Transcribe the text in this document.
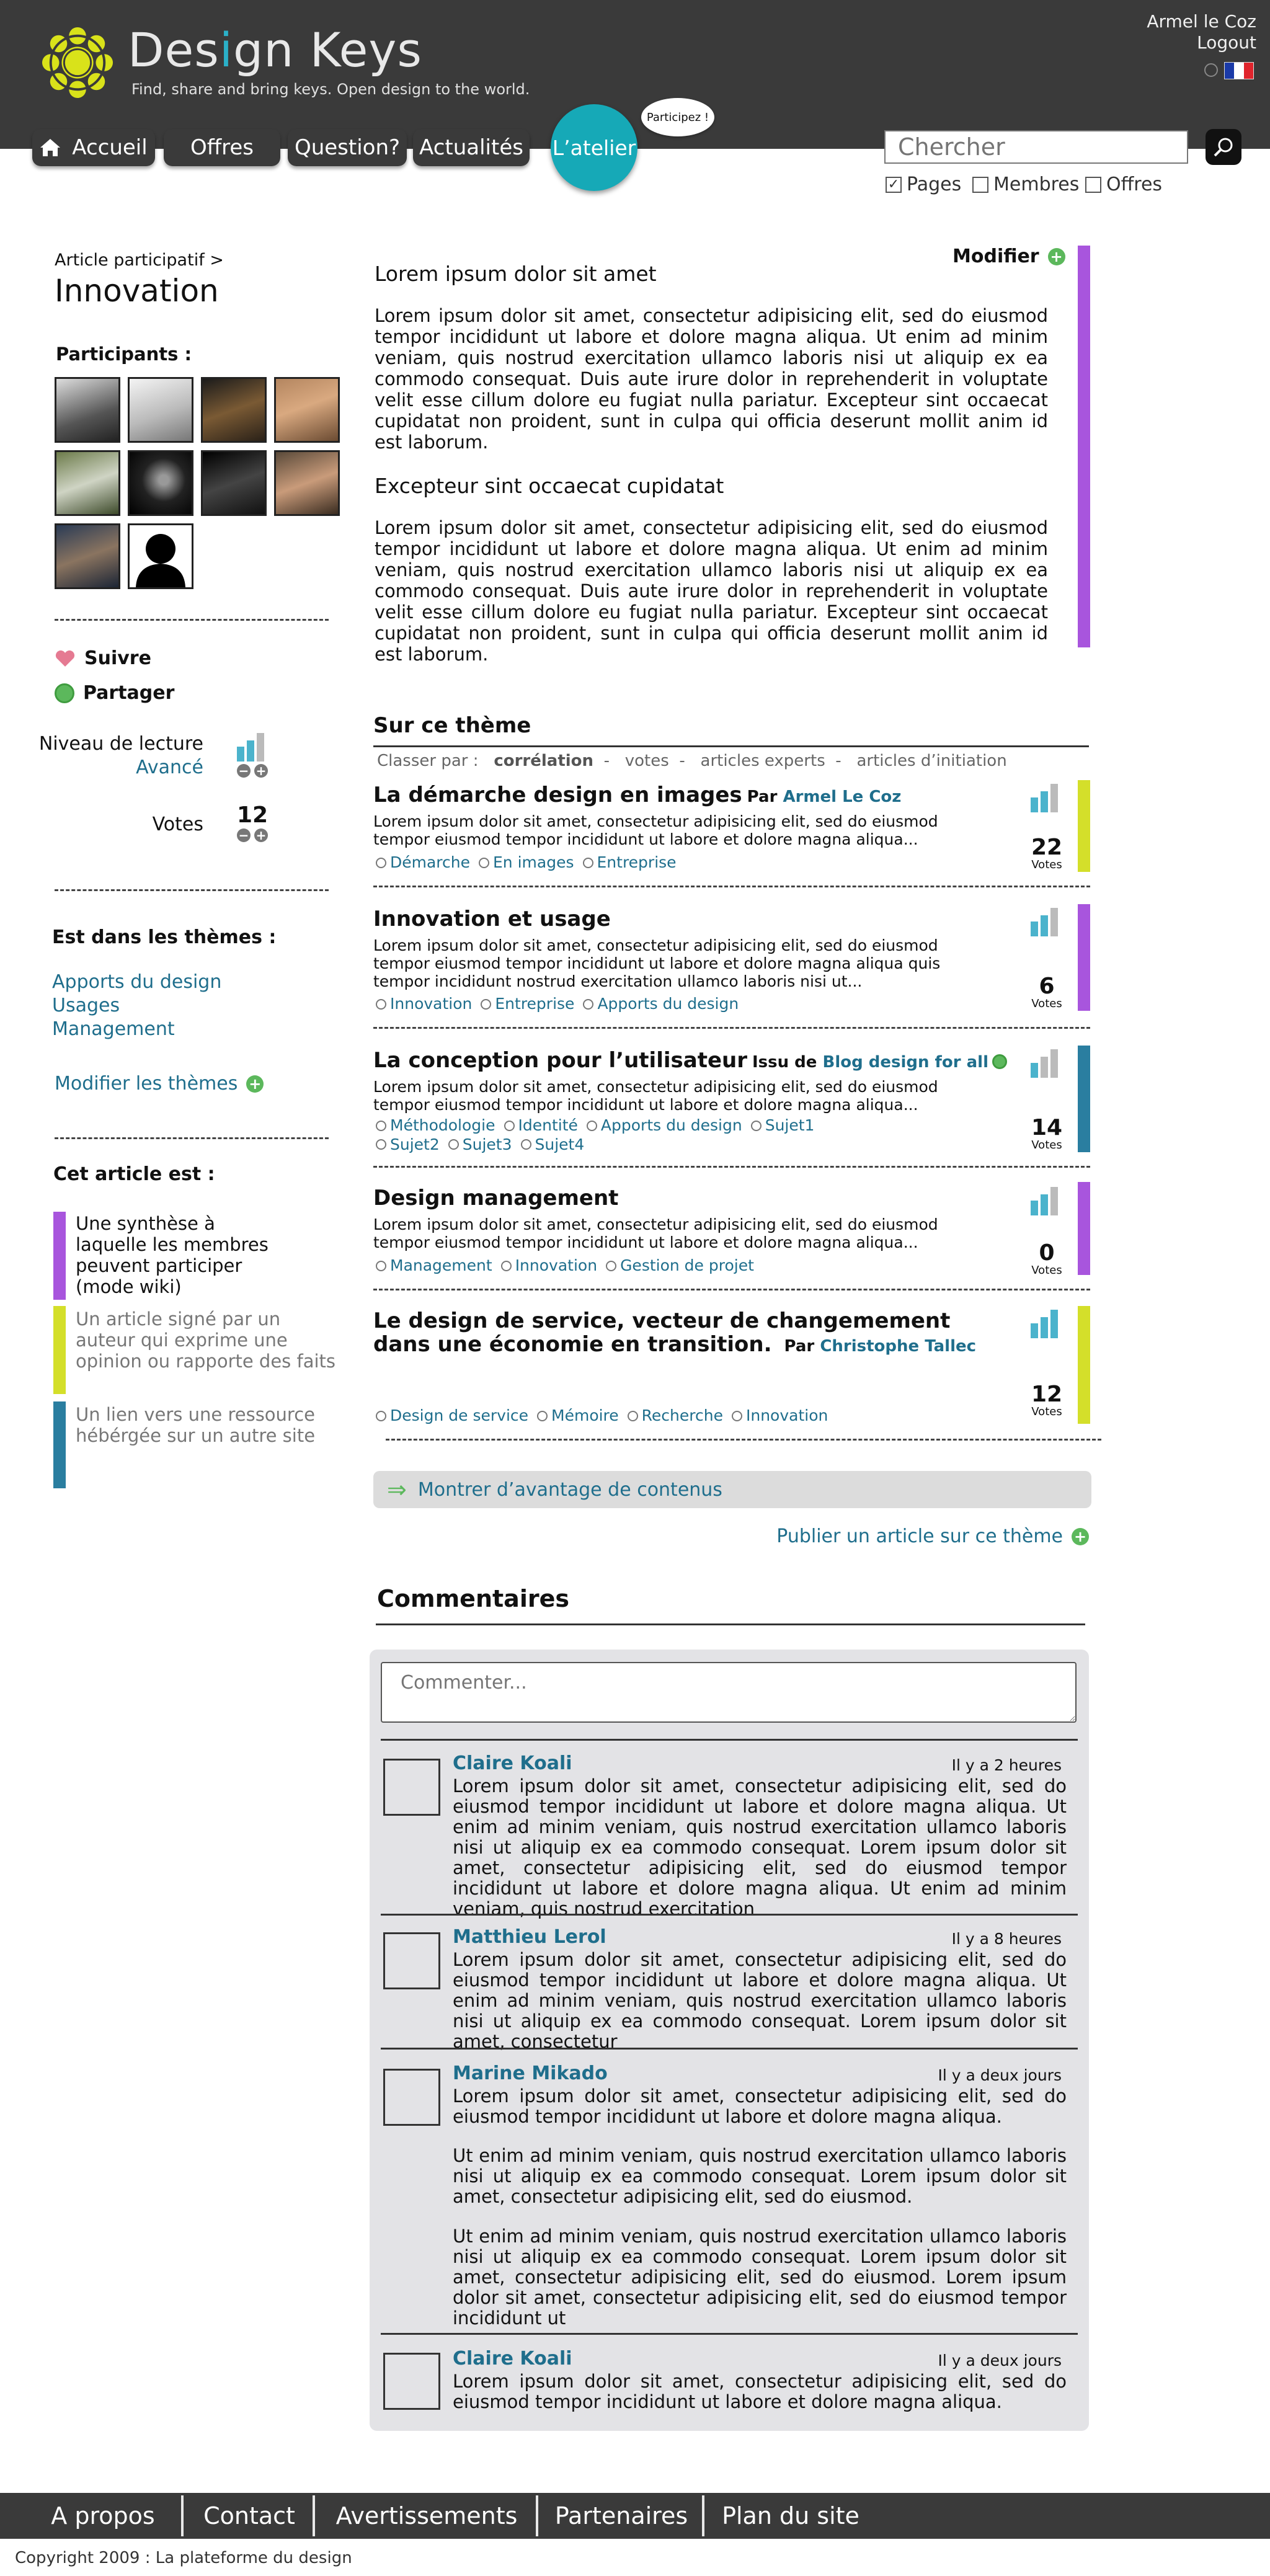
Design Keys
Find, share and bring keys. Open design to the world.
Armel le Coz
Logout
Accueil	Offres	Question? Actualités	L’atelier
Participez !
Chercher
✓ Pages Membres Offres
Article participatif >
Innovation
Participants :
Suivre
Partager
Niveau de lecture
Avancé	− +
Votes 12
− +
Est dans les thèmes :
Apports du design
Usages
Management
Modifier les thèmes +
Cet article est :
Une synthèse à laquelle les membres peuvent participer (mode wiki)
Un article signé par un auteur qui exprime une opinion ou rapporte des faits
Un lien vers une ressource hébérgée sur un autre site
Modifier +
Lorem ipsum dolor sit amet
Lorem ipsum dolor sit amet, consectetur adipisicing elit, sed do eiusmod tempor incididunt ut labore et dolore magna aliqua. Ut enim ad minim veniam, quis nostrud exercitation ullamco laboris nisi ut aliquip ex ea commodo consequat. Duis aute irure dolor in reprehenderit in voluptate velit esse cillum dolore eu fugiat nulla pariatur. Excepteur sint occaecat cupidatat non proident, sunt in culpa qui officia deserunt mollit anim id est laborum.
Excepteur sint occaecat cupidatat
Lorem ipsum dolor sit amet, consectetur adipisicing elit, sed do eiusmod tempor incididunt ut labore et dolore magna aliqua. Ut enim ad minim veniam, quis nostrud exercitation ullamco laboris nisi ut aliquip ex ea commodo consequat. Duis aute irure dolor in reprehenderit in voluptate velit esse cillum dolore eu fugiat nulla pariatur. Excepteur sint occaecat cupidatat non proident, sunt in culpa qui officia deserunt mollit anim id est laborum.
Sur ce thème
Classer par : corrélation  -   votes  -   articles experts  -   articles d’initiation
La démarche design en images Par Armel Le Coz
Lorem ipsum dolor sit amet, consectetur adipisicing elit, sed do eiusmod tempor eiusmod tempor incididunt ut labore et dolore magna aliqua...
Démarche En images Entreprise
22
Votes
Innovation et usage
Lorem ipsum dolor sit amet, consectetur adipisicing elit, sed do eiusmod tempor eiusmod tempor incididunt ut labore et dolore magna aliqua quis tempor incididunt nostrud exercitation ullamco laboris nisi ut...
Innovation Entreprise Apports du design
6
Votes
La conception pour l’utilisateur Issu de Blog design for all
Lorem ipsum dolor sit amet, consectetur adipisicing elit, sed do eiusmod tempor eiusmod tempor incididunt ut labore et dolore magna aliqua...
Méthodologie Identité Apports du design Sujet1
Sujet2 Sujet3 Sujet4
14
Votes
Design management
Lorem ipsum dolor sit amet, consectetur adipisicing elit, sed do eiusmod tempor eiusmod tempor incididunt ut labore et dolore magna aliqua...
Management Innovation Gestion de projet	0
Votes
Le design de service, vecteur de changemement
dans une économie en transition. Par Christophe Tallec
Design de service Mémoire Recherche Innovation
12
Votes
⇒ Montrer d’avantage de contenus
Publier un article sur ce thème +
Commentaires
Commenter...
Claire Koali	Il y a 2 heures
Lorem ipsum dolor sit amet, consectetur adipisicing elit, sed do eiusmod tempor incididunt ut labore et dolore magna aliqua. Ut enim ad minim veniam, quis nostrud exercitation ullamco laboris nisi ut aliquip ex ea commodo consequat. Lorem ipsum dolor sit amet, consectetur adipisicing elit, sed do eiusmod tempor incididunt ut labore et dolore magna aliqua. Ut enim ad minim veniam, quis nostrud exercitation
Matthieu Lerol	Il y a 8 heures
Lorem ipsum dolor sit amet, consectetur adipisicing elit, sed do eiusmod tempor incididunt ut labore et dolore magna aliqua. Ut enim ad minim veniam, quis nostrud exercitation ullamco laboris nisi ut aliquip ex ea commodo consequat. Lorem ipsum dolor sit amet, consectetur
Marine Mikado	Il y a deux jours
Lorem ipsum dolor sit amet, consectetur adipisicing elit, sed do eiusmod tempor incididunt ut labore et dolore magna aliqua.
Ut enim ad minim veniam, quis nostrud exercitation ullamco laboris nisi ut aliquip ex ea commodo consequat. Lorem ipsum dolor sit amet, consectetur adipisicing elit, sed do eiusmod.
Ut enim ad minim veniam, quis nostrud exercitation ullamco laboris nisi ut aliquip ex ea commodo consequat. Lorem ipsum dolor sit amet, consectetur adipisicing elit, sed do eiusmod. Lorem ipsum dolor sit amet, consectetur adipisicing elit, sed do eiusmod tempor incididunt ut
Claire Koali	Il y a deux jours
Lorem ipsum dolor sit amet, consectetur adipisicing elit, sed do eiusmod tempor incididunt ut labore et dolore magna aliqua.
A propos	Contact	Avertissements	Partenaires	Plan du site
Copyright 2009 : La plateforme du design
